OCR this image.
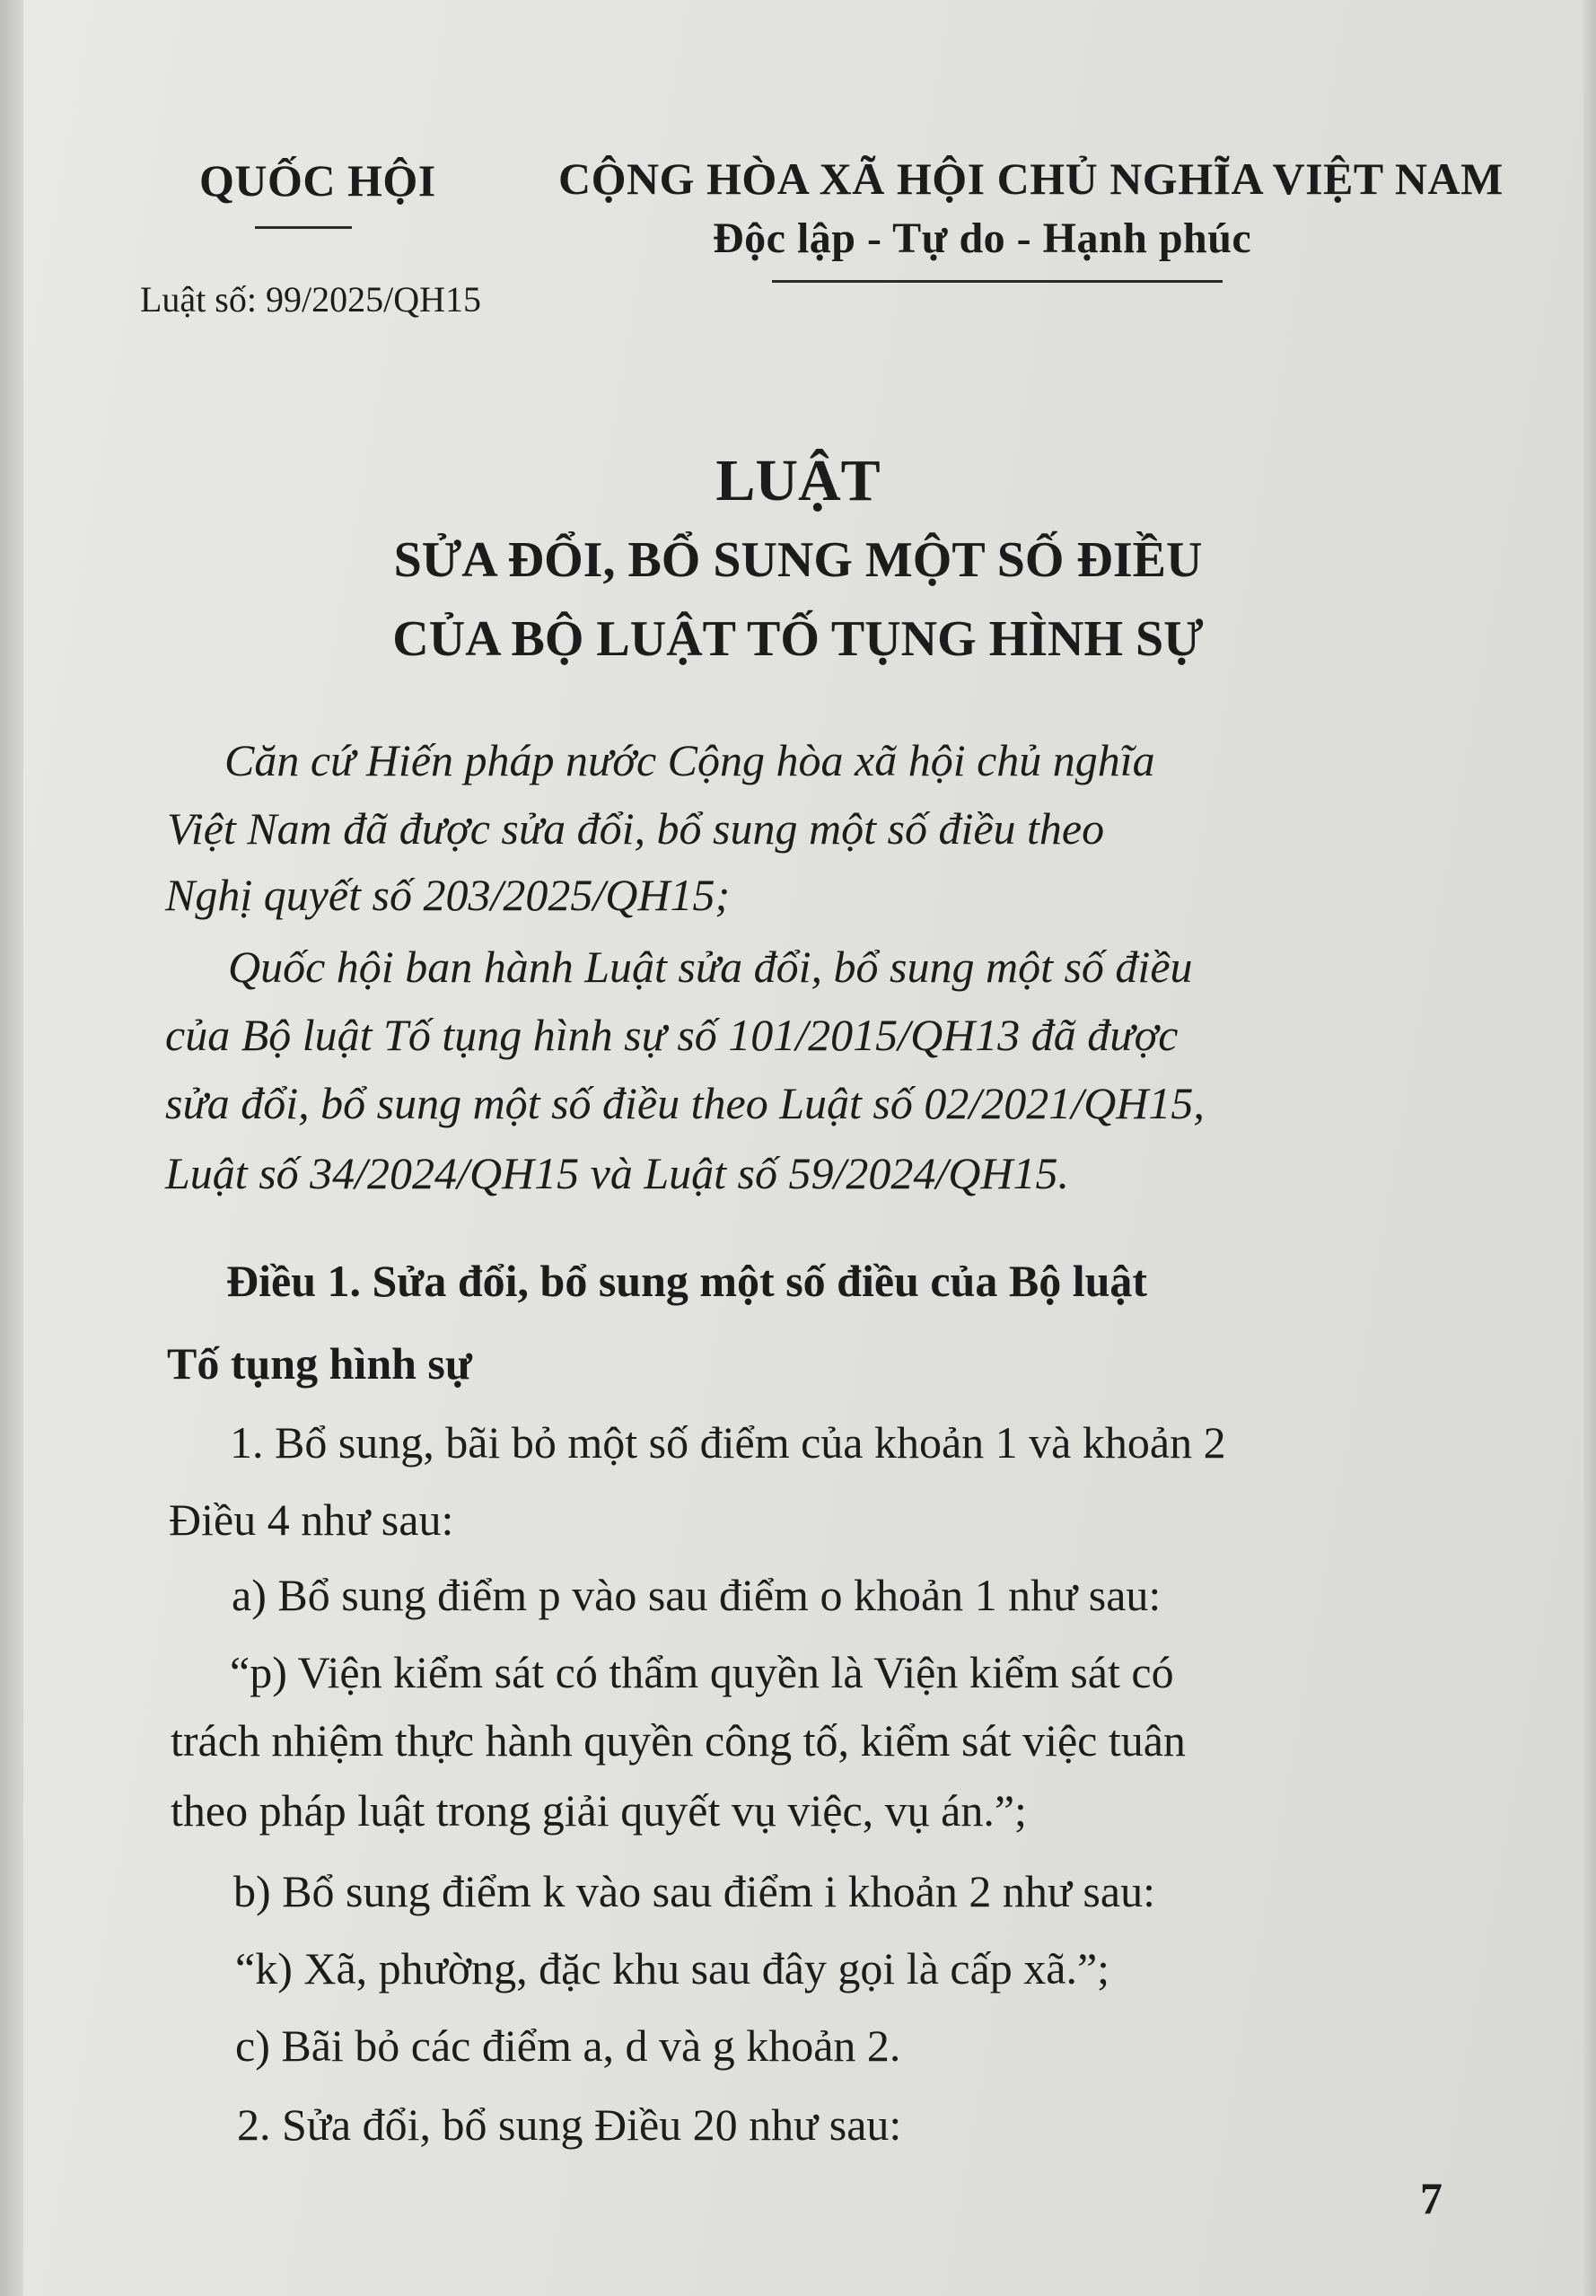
QUỐC HỘI
Luật số: 99/2025/QH15
CỘNG HÒA XÃ HỘI CHỦ NGHĨA VIỆT NAM
Độc lập - Tự do - Hạnh phúc
LUẬT
SỬA ĐỔI, BỔ SUNG MỘT SỐ ĐIỀU
CỦA BỘ LUẬT TỐ TỤNG HÌNH SỰ
Căn cứ Hiến pháp nước Cộng hòa xã hội chủ nghĩa
Việt Nam đã được sửa đổi, bổ sung một số điều theo
Nghị quyết số 203/2025/QH15;
Quốc hội ban hành Luật sửa đổi, bổ sung một số điều
của Bộ luật Tố tụng hình sự số 101/2015/QH13 đã được
sửa đổi, bổ sung một số điều theo Luật số 02/2021/QH15,
Luật số 34/2024/QH15 và Luật số 59/2024/QH15.
Điều 1. Sửa đổi, bổ sung một số điều của Bộ luật
Tố tụng hình sự
1. Bổ sung, bãi bỏ một số điểm của khoản 1 và khoản 2
Điều 4 như sau:
a) Bổ sung điểm p vào sau điểm o khoản 1 như sau:
“p) Viện kiểm sát có thẩm quyền là Viện kiểm sát có
trách nhiệm thực hành quyền công tố, kiểm sát việc tuân
theo pháp luật trong giải quyết vụ việc, vụ án.”;
b) Bổ sung điểm k vào sau điểm i khoản 2 như sau:
“k) Xã, phường, đặc khu sau đây gọi là cấp xã.”;
c) Bãi bỏ các điểm a, d và g khoản 2.
2. Sửa đổi, bổ sung Điều 20 như sau:
7
